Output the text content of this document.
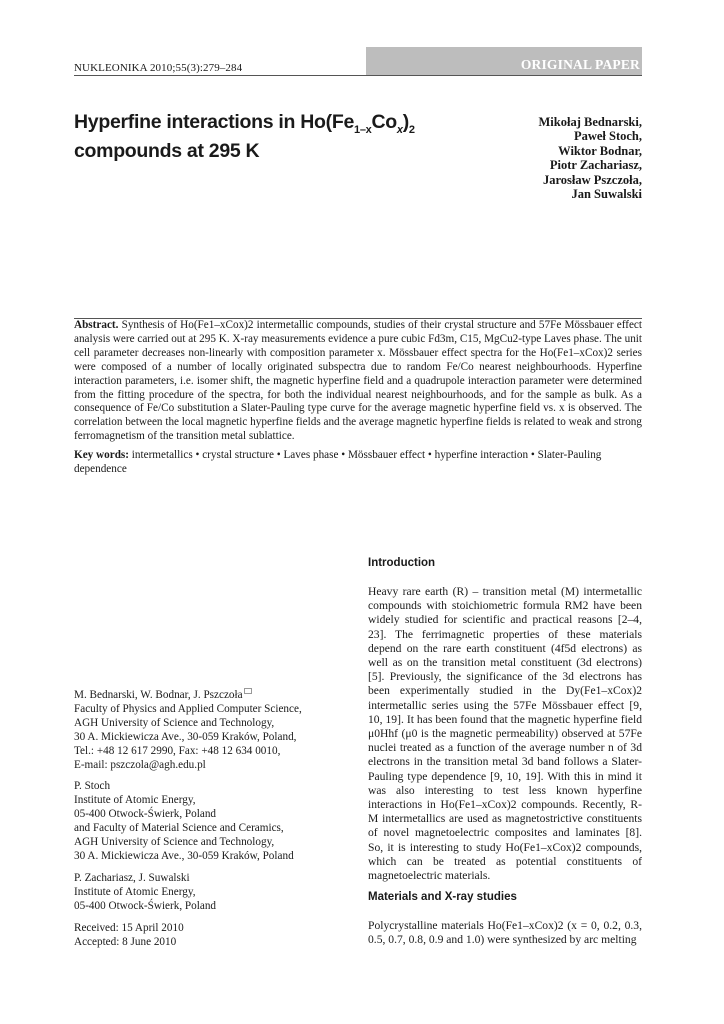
NUKLEONIKA 2010;55(3):279–284	ORIGINAL PAPER
Hyperfine interactions in $Ho(Fe_{1-x}Co_x)_2$
compounds at 295 K
Mikołaj Bednarski,
Paweł Stoch,
Wiktor Bodnar,
Piotr Zachariasz,
Jarosław Pszczoła,
Jan Suwalski
Abstract. Synthesis of Ho(Fe1–xCox)2 intermetallic compounds, studies of their crystal structure and 57Fe Mössbauer effect analysis were carried out at 295 K. X-ray measurements evidence a pure cubic Fd3m, C15, MgCu2-type Laves phase. The unit cell parameter decreases non-linearly with composition parameter x. Mössbauer effect spectra for the Ho(Fe1–xCox)2 series were composed of a number of locally originated subspectra due to random Fe/Co nearest neighbourhoods. Hyperfine interaction parameters, i.e. isomer shift, the magnetic hyperfine field and a quadrupole interaction parameter were determined from the fitting procedure of the spectra, for both the individual nearest neighbourhoods, and for the sample as bulk. As a consequence of Fe/Co substitution a Slater-Pauling type curve for the average magnetic hyperfine field vs. x is observed. The correlation between the local magnetic hyperfine fields and the average magnetic hyperfine fields is related to weak and strong ferromagnetism of the transition metal sublattice.
Key words: intermetallics • crystal structure • Laves phase • Mössbauer effect • hyperfine interaction • Slater-Pauling dependence
Introduction
Heavy rare earth (R) – transition metal (M) intermetallic compounds with stoichiometric formula RM2 have been widely studied for scientific and practical reasons [2–4, 23]. The ferrimagnetic properties of these materials depend on the rare earth constituent (4f5d electrons) as well as on the transition metal constituent (3d electrons) [5]. Previously, the significance of the 3d electrons has been experimentally studied in the Dy(Fe1–xCox)2 intermetallic series using the 57Fe Mössbauer effect [9, 10, 19]. It has been found that the magnetic hyperfine field μ0Hhf (μ0 is the magnetic permeability) observed at 57Fe nuclei treated as a function of the average number n of 3d electrons in the transition metal 3d band follows a Slater-Pauling type dependence [9, 10, 19]. With this in mind it was also interesting to test less known hyperfine interactions in Ho(Fe1–xCox)2 compounds. Recently, R-M intermetallics are used as magnetostrictive constituents of novel magnetoelectric composites and laminates [8]. So, it is interesting to study Ho(Fe1–xCox)2 compounds, which can be treated as potential constituents of magnetoelectric materials.
Materials and X-ray studies
Polycrystalline materials Ho(Fe1–xCox)2 (x = 0, 0.2, 0.3, 0.5, 0.7, 0.8, 0.9 and 1.0) were synthesized by arc melting

M. Bednarski, W. Bodnar, J. Pszczoła
Faculty of Physics and Applied Computer Science,
AGH University of Science and Technology,
30 A. Mickiewicza Ave., 30-059 Kraków, Poland,
Tel.: +48 12 617 2990, Fax: +48 12 634 0010,
E-mail: pszczola@agh.edu.pl

P. Stoch
Institute of Atomic Energy,
05-400 Otwock-Świerk, Poland
and Faculty of Material Science and Ceramics,
AGH University of Science and Technology,
30 A. Mickiewicza Ave., 30-059 Kraków, Poland

P. Zachariasz, J. Suwalski
Institute of Atomic Energy,
05-400 Otwock-Świerk, Poland

Received: 15 April 2010
Accepted: 8 June 2010
